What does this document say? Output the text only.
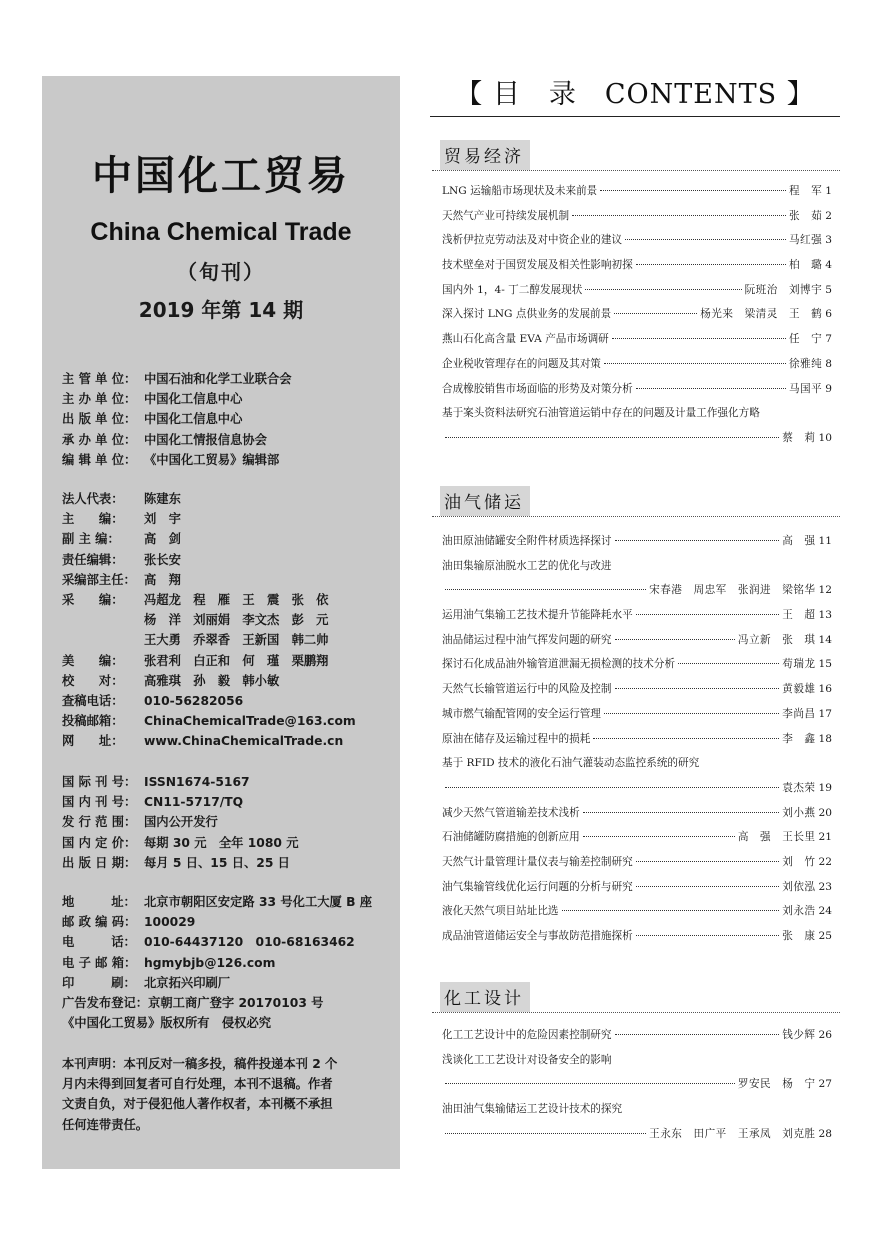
中国化工贸易
China Chemical Trade
（旬刊）
2019 年第 14 期
主 管 单 位： 中国石油和化学工业联合会
主 办 单 位： 中国化工信息中心
出 版 单 位： 中国化工信息中心
承 办 单 位： 中国化工情报信息协会
编 辑 单 位： 《中国化工贸易》编辑部
法人代表：	陈建东
主　　编：	刘　宇
副 主 编：	高　剑
责任编辑：	张长安
采编部主任： 高　翔
采　　编：	冯超龙　程　雁　王　震　张　依
杨　洋　刘丽娟　李文杰　彭　元
王大勇　乔翠香　王新国　韩二帅
美　　编：	张君利　白正和　何　瑾　栗鹏翔
校　　对：	高雅琪　孙　毅　韩小敏
查稿电话：	010-56282056
投稿邮箱：	ChinaChemicalTrade@163.com
网　　址：	www.ChinaChemicalTrade.cn
国 际 刊 号： ISSN1674-5167
国 内 刊 号： CN11-5717/TQ
发 行 范 围： 国内公开发行
国 内 定 价： 每期 30 元　全年 1080 元
出 版 日 期： 每月 5 日、15 日、25 日
地　　　址： 北京市朝阳区安定路 33 号化工大厦 B 座
邮 政 编 码： 100029
电　　　话： 010-64437120　010-68163462
电 子 邮 箱： hgmybjb@126.com
印　　　刷： 北京拓兴印刷厂
广告发布登记：京朝工商广登字 20170103 号
《中国化工贸易》版权所有　侵权必究
本刊声明：本刊反对一稿多投，稿件投递本刊 2 个
月内未得到回复者可自行处理，本刊不退稿。作者
文责自负，对于侵犯他人著作权者，本刊概不承担
任何连带责任。
【 目　录　CONTENTS 】
贸易经济
LNG 运输船市场现状及未来前景	程　军 1
天然气产业可持续发展机制	张　茹 2
浅析伊拉克劳动法及对中资企业的建议	马红强 3
技术壁垒对于国贸发展及相关性影响初探	柏　璐 4
国内外 1，4- 丁二醇发展现状	阮班治　刘博宇 5
深入探讨 LNG 点供业务的发展前景	杨光来　梁清灵　王　鹤 6
燕山石化高含量 EVA 产品市场调研	任　宁 7
企业税收管理存在的问题及其对策	徐雅纯 8
合成橡胶销售市场面临的形势及对策分析	马国平 9
基于案头资料法研究石油管道运销中存在的问题及计量工作强化方略
蔡　莉 10
油气储运
油田原油储罐安全附件材质选择探讨	高　强 11
油田集输原油脱水工艺的优化与改进
宋春港　周忠军　张润进　梁铭华 12
运用油气集输工艺技术提升节能降耗水平	王　超 13
油品储运过程中油气挥发问题的研究	冯立新　张　琪 14
探讨石化成品油外输管道泄漏无损检测的技术分析	苟瑞龙 15
天然气长输管道运行中的风险及控制	黄毅雄 16
城市燃气输配管网的安全运行管理	李尚昌 17
原油在储存及运输过程中的损耗	李　鑫 18
基于 RFID 技术的液化石油气灌装动态监控系统的研究
袁杰荣 19
减少天然气管道输差技术浅析	刘小燕 20
石油储罐防腐措施的创新应用	高　强　王长里 21
天然气计量管理计量仪表与输差控制研究	刘　竹 22
油气集输管线优化运行问题的分析与研究	刘依泓 23
液化天然气项目站址比选	刘永浩 24
成品油管道储运安全与事故防范措施探析	张　康 25
化工设计
化工工艺设计中的危险因素控制研究	钱少辉 26
浅谈化工工艺设计对设备安全的影响
罗安民　杨　宁 27
油田油气集输储运工艺设计技术的探究
王永东　田广平　王承凤　刘克胜 28
